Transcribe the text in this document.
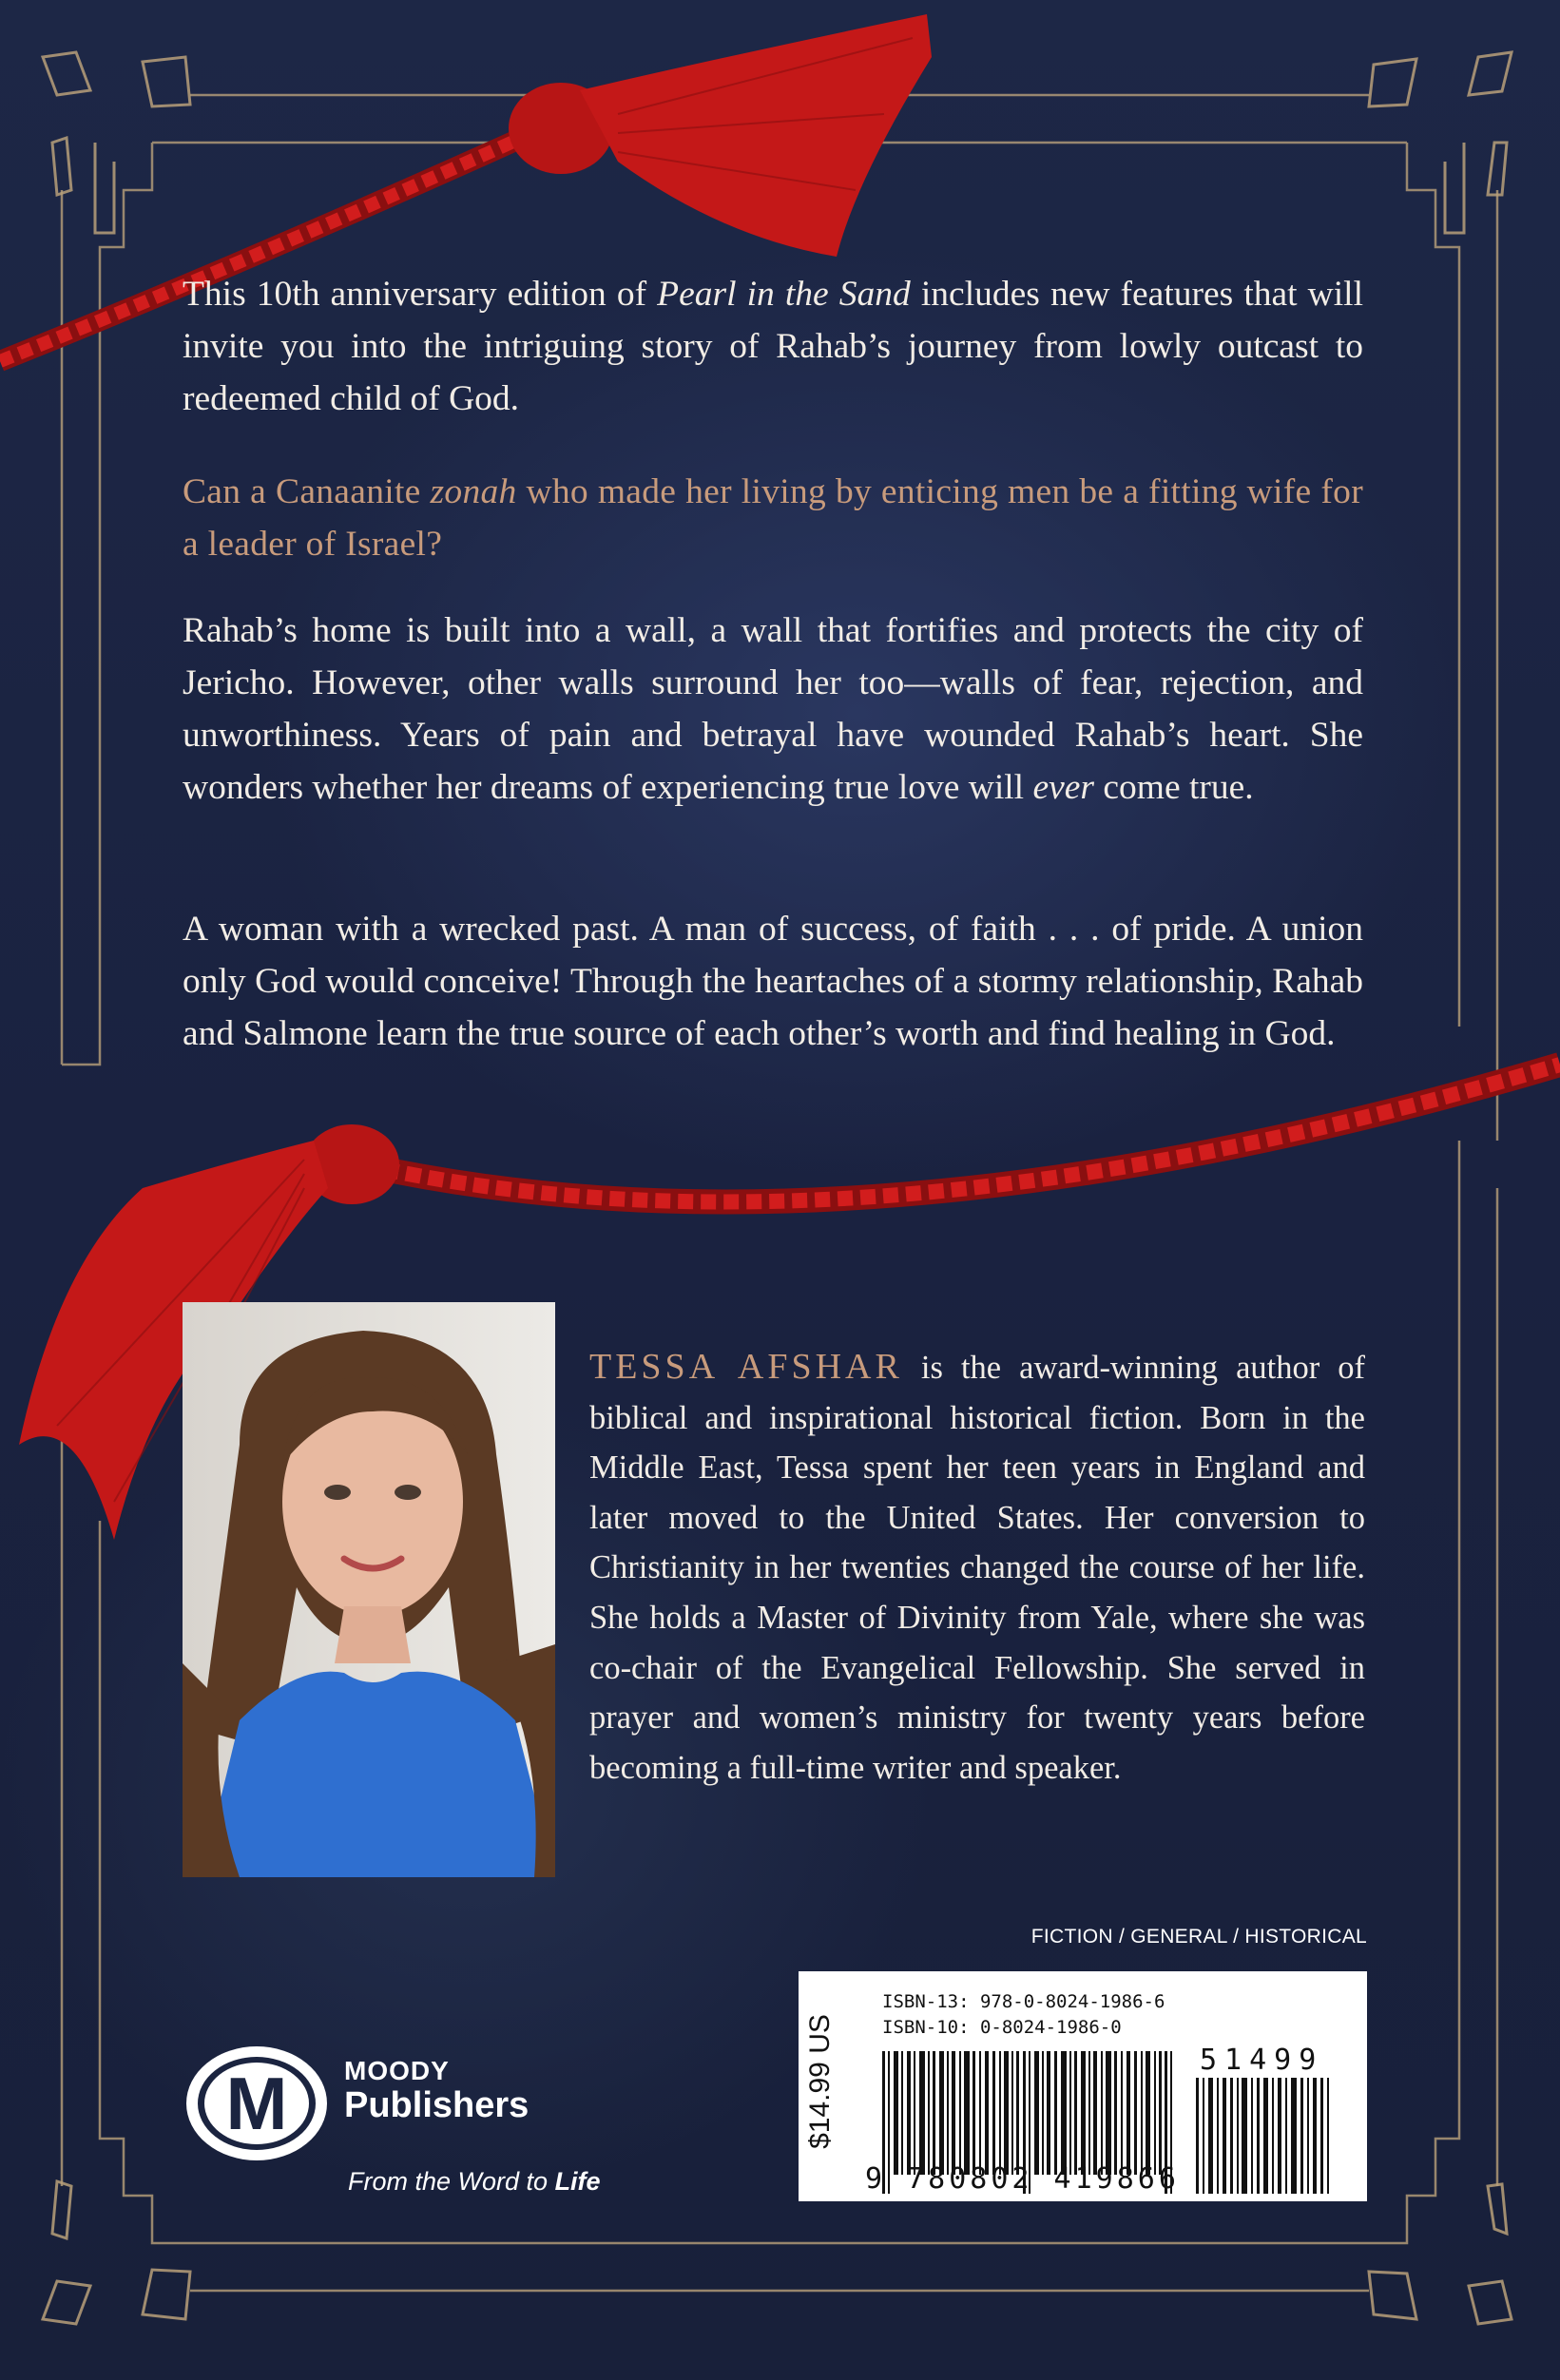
This 10th anniversary edition of Pearl in the Sand includes new features that will invite you into the intriguing story of Rahab’s journey from lowly outcast to redeemed child of God.

Can a Canaanite zonah who made her living by enticing men be a fitting wife for a leader of Israel?

Rahab’s home is built into a wall, a wall that fortifies and protects the city of Jericho. However, other walls surround her too—walls of fear, rejection, and unworthiness. Years of pain and betrayal have wounded Rahab’s heart. She wonders whether her dreams of experiencing true love will ever come true.

A woman with a wrecked past. A man of success, of faith . . . of pride. A union only God would conceive! Through the heartaches of a stormy relationship, Rahab and Salmone learn the true source of each other’s worth and find healing in God.

TESSA AFSHAR is the award-winning author of biblical and inspirational historical fiction. Born in the Middle East, Tessa spent her teen years in England and later moved to the United States. Her conversion to Christianity in her twenties changed the course of her life. She holds a Master of Divinity from Yale, where she was co-chair of the Evangelical Fellowship. She served in prayer and women’s ministry for twenty years before becoming a full-time writer and speaker.
FICTION / GENERAL / HISTORICAL
$14.99 US
ISBN-13: 978-0-8024-1986-6
ISBN-10: 0-8024-1986-0
9 780802 419866
51499
M MOODY
Publishers
From the Word to Life
